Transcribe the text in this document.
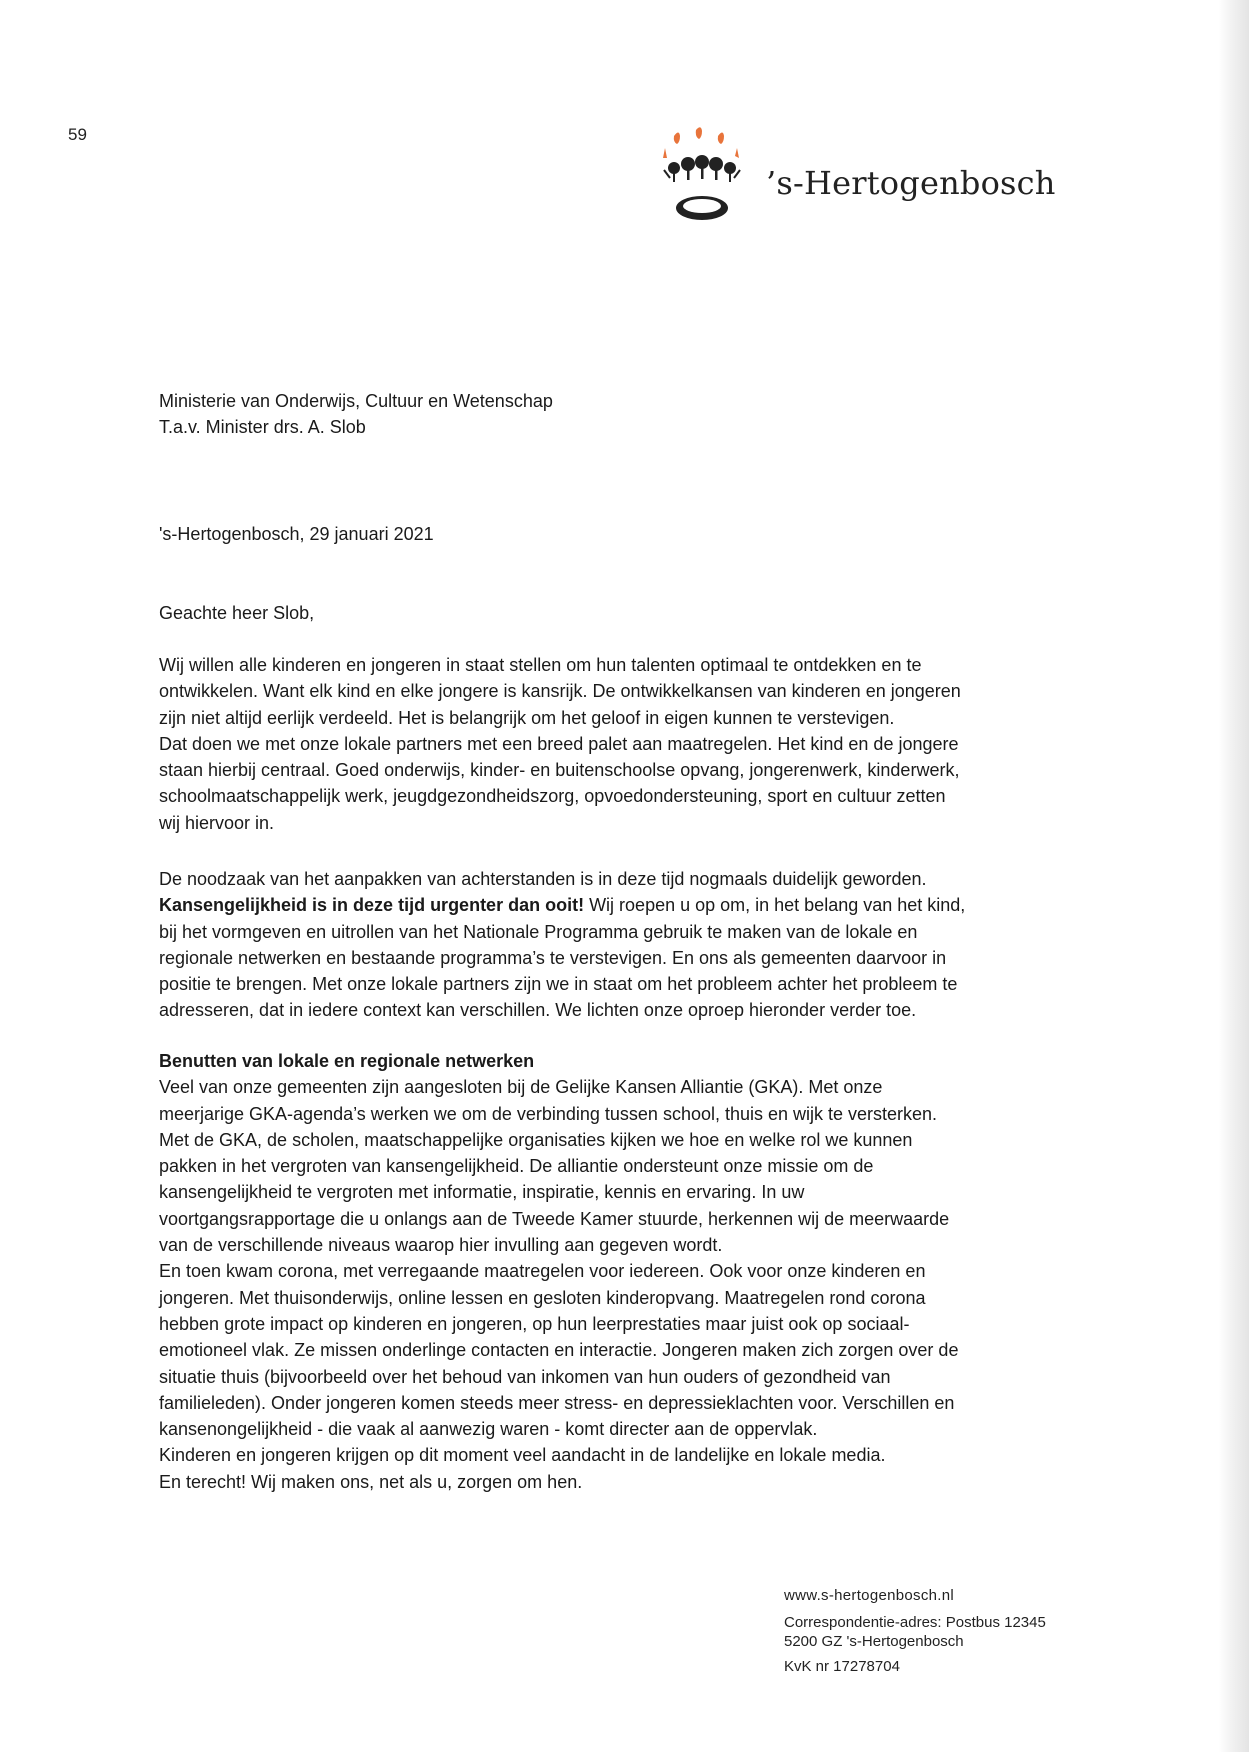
59
’s-Hertogenbosch
Ministerie van Onderwijs, Cultuur en Wetenschap
T.a.v. Minister drs. A. Slob
's-Hertogenbosch, 29 januari 2021
Geachte heer Slob,
Wij willen alle kinderen en jongeren in staat stellen om hun talenten optimaal te ontdekken en te
ontwikkelen. Want elk kind en elke jongere is kansrijk. De ontwikkelkansen van kinderen en jongeren
zijn niet altijd eerlijk verdeeld. Het is belangrijk om het geloof in eigen kunnen te verstevigen.
Dat doen we met onze lokale partners met een breed palet aan maatregelen. Het kind en de jongere
staan hierbij centraal. Goed onderwijs, kinder- en buitenschoolse opvang, jongerenwerk, kinderwerk,
schoolmaatschappelijk werk, jeugdgezondheidszorg, opvoedondersteuning, sport en cultuur zetten
wij hiervoor in.
De noodzaak van het aanpakken van achterstanden is in deze tijd nogmaals duidelijk geworden.
Kansengelijkheid is in deze tijd urgenter dan ooit! Wij roepen u op om, in het belang van het kind,
bij het vormgeven en uitrollen van het Nationale Programma gebruik te maken van de lokale en
regionale netwerken en bestaande programma’s te verstevigen. En ons als gemeenten daarvoor in
positie te brengen. Met onze lokale partners zijn we in staat om het probleem achter het probleem te
adresseren, dat in iedere context kan verschillen. We lichten onze oproep hieronder verder toe.
Benutten van lokale en regionale netwerken
Veel van onze gemeenten zijn aangesloten bij de Gelijke Kansen Alliantie (GKA). Met onze
meerjarige GKA-agenda’s werken we om de verbinding tussen school, thuis en wijk te versterken.
Met de GKA, de scholen, maatschappelijke organisaties kijken we hoe en welke rol we kunnen
pakken in het vergroten van kansengelijkheid. De alliantie ondersteunt onze missie om de
kansengelijkheid te vergroten met informatie, inspiratie, kennis en ervaring. In uw
voortgangsrapportage die u onlangs aan de Tweede Kamer stuurde, herkennen wij de meerwaarde
van de verschillende niveaus waarop hier invulling aan gegeven wordt.
En toen kwam corona, met verregaande maatregelen voor iedereen. Ook voor onze kinderen en
jongeren. Met thuisonderwijs, online lessen en gesloten kinderopvang. Maatregelen rond corona
hebben grote impact op kinderen en jongeren, op hun leerprestaties maar juist ook op sociaal-
emotioneel vlak. Ze missen onderlinge contacten en interactie. Jongeren maken zich zorgen over de
situatie thuis (bijvoorbeeld over het behoud van inkomen van hun ouders of gezondheid van
familieleden). Onder jongeren komen steeds meer stress- en depressieklachten voor. Verschillen en
kansenongelijkheid - die vaak al aanwezig waren - komt directer aan de oppervlak.
Kinderen en jongeren krijgen op dit moment veel aandacht in de landelijke en lokale media.
En terecht! Wij maken ons, net als u, zorgen om hen.
www.s-hertogenbosch.nl
Correspondentie-adres: Postbus 12345
5200 GZ 's-Hertogenbosch
KvK nr 17278704
